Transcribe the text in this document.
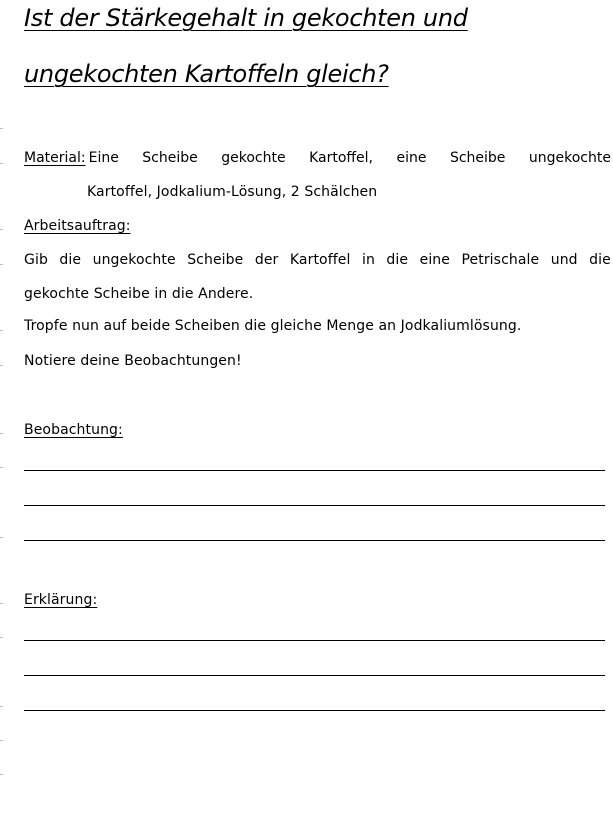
Ist der Stärkegehalt in gekochten und
ungekochten Kartoffeln gleich?
Material: Eine Scheibe gekochte Kartoffel, eine Scheibe ungekochte
Kartoffel, Jodkalium-Lösung, 2 Schälchen
Arbeitsauftrag:
Gib die ungekochte Scheibe der Kartoffel in die eine Petrischale und die
gekochte Scheibe in die Andere.
Tropfe nun auf beide Scheiben die gleiche Menge an Jodkaliumlösung.
Notiere deine Beobachtungen!
Beobachtung:
Erklärung:
